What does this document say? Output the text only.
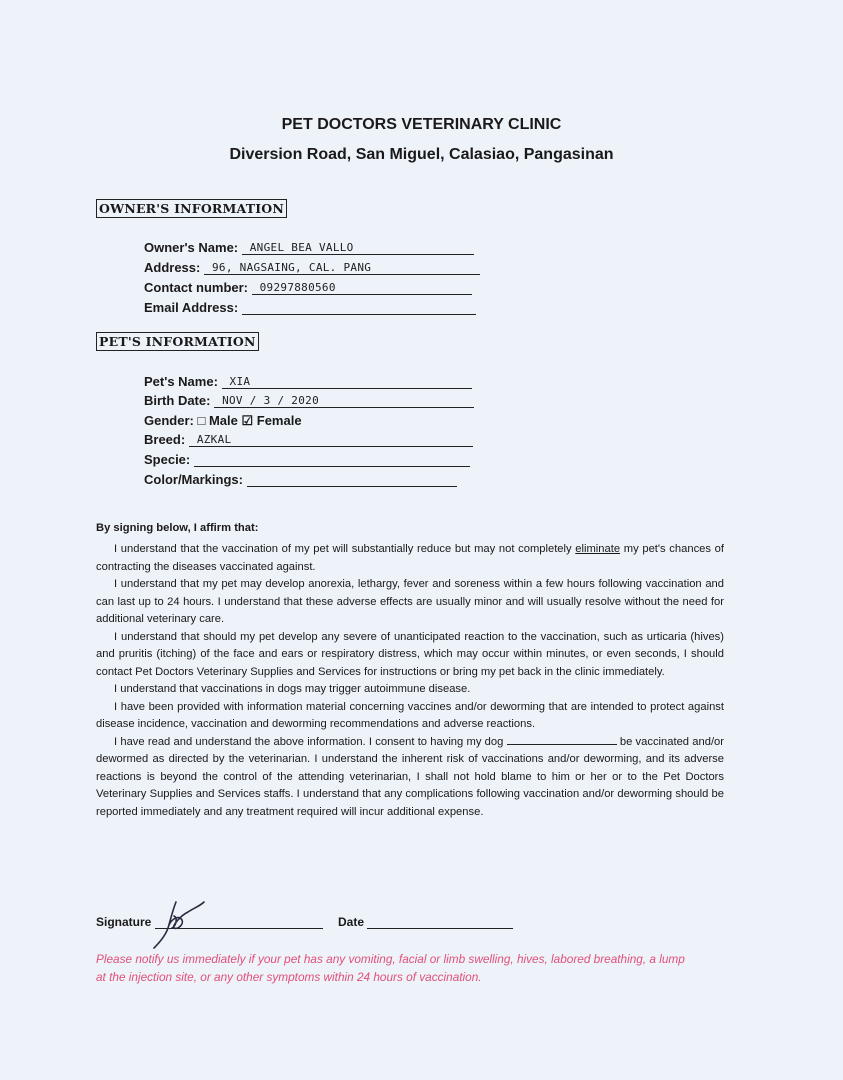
PET DOCTORS VETERINARY CLINIC
Diversion Road, San Miguel, Calasiao, Pangasinan
OWNER'S INFORMATION
Owner's Name: ANGEL BEA VALLO
Address: 96, NAGSAING, CAL. PANG
Contact number: 09297880560
Email Address:
PET'S INFORMATION
Pet's Name: XIA
Birth Date: NOV / 3 / 2020
Gender: □ Male ☑ Female
Breed: AZKAL
Specie:
Color/Markings:
By signing below, I affirm that:

I understand that the vaccination of my pet will substantially reduce but may not completely eliminate my pet's chances of contracting the diseases vaccinated against.

I understand that my pet may develop anorexia, lethargy, fever and soreness within a few hours following vaccination and can last up to 24 hours. I understand that these adverse effects are usually minor and will usually resolve without the need for additional veterinary care.

I understand that should my pet develop any severe of unanticipated reaction to the vaccination, such as urticaria (hives) and pruritis (itching) of the face and ears or respiratory distress, which may occur within minutes, or even seconds, I should contact Pet Doctors Veterinary Supplies and Services for instructions or bring my pet back in the clinic immediately.

I understand that vaccinations in dogs may trigger autoimmune disease.

I have been provided with information material concerning vaccines and/or deworming that are intended to protect against disease incidence, vaccination and deworming recommendations and adverse reactions.

I have read and understand the above information. I consent to having my dog	be vaccinated and/or dewormed as directed by the veterinarian. I understand the inherent risk of vaccinations and/or deworming, and its adverse reactions is beyond the control of the attending veterinarian, I shall not hold blame to him or her or to the Pet Doctors Veterinary Supplies and Services staffs. I understand that any complications following vaccination and/or deworming should be reported immediately and any treatment required will incur additional expense.

Signature	Date
Please notify us immediately if your pet has any vomiting, facial or limb swelling, hives, labored breathing, a lump at the injection site, or any other symptoms within 24 hours of vaccination.
